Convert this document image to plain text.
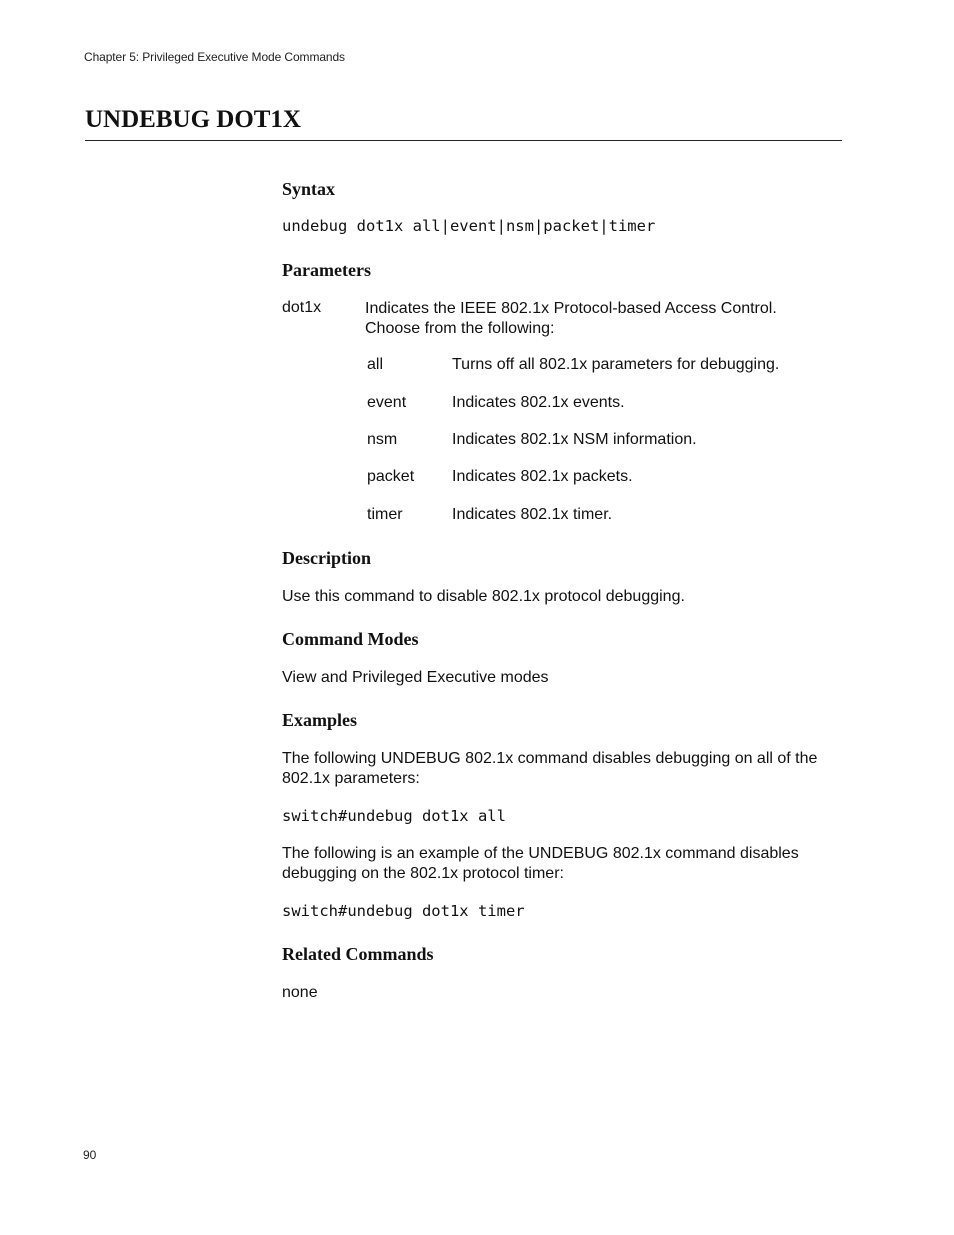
Chapter 5: Privileged Executive Mode Commands
UNDEBUG DOT1X
Syntax
undebug dot1x all|event|nsm|packet|timer
Parameters
dot1x	Indicates the IEEE 802.1x Protocol-based Access Control. Choose from the following:

all	Turns off all 802.1x parameters for debugging.
event	Indicates 802.1x events.
nsm	Indicates 802.1x NSM information.
packet Indicates 802.1x packets.
timer	Indicates 802.1x timer.
Description

Use this command to disable 802.1x protocol debugging.

Command Modes

View and Privileged Executive modes

Examples

The following UNDEBUG 802.1x command disables debugging on all of the 802.1x parameters:

switch#undebug dot1x all

The following is an example of the UNDEBUG 802.1x command disables debugging on the 802.1x protocol timer:

switch#undebug dot1x timer
Related Commands

none

90
